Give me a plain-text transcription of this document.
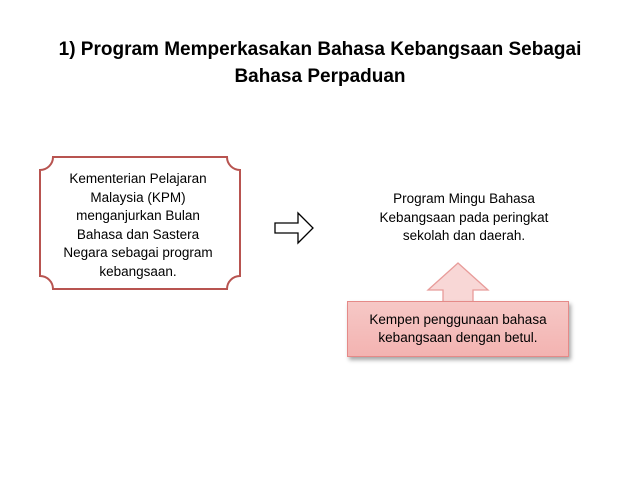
1) Program Memperkasakan Bahasa Kebangsaan Sebagai
Bahasa Perpaduan
Kementerian Pelajaran
Malaysia (KPM)
menganjurkan Bulan
Bahasa dan Sastera
Negara sebagai program
kebangsaan.
Program Mingu Bahasa
Kebangsaan pada peringkat
sekolah dan daerah.
Kempen penggunaan bahasa
kebangsaan dengan betul.
